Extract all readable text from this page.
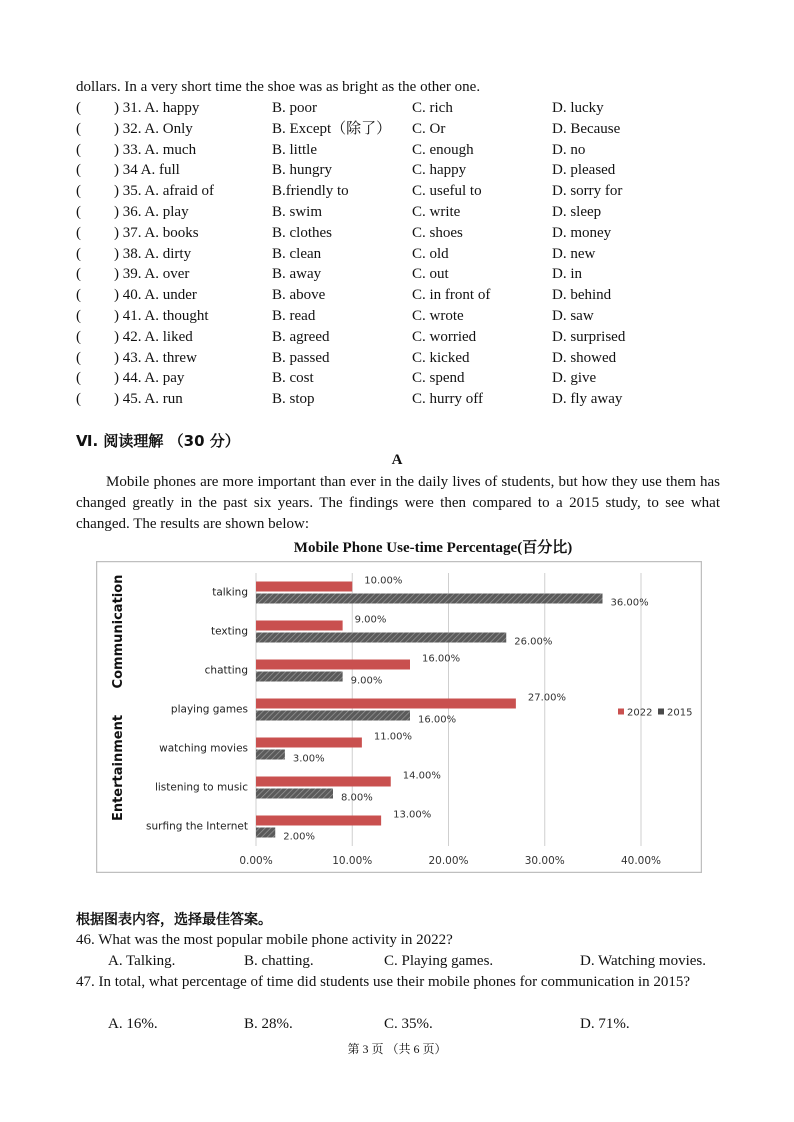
dollars. In a very short time the shoe was as bright as the other one.
( ) 31. A. happy	B. poor	C. rich	D. lucky
( ) 32. A. Only	B. Except（除了） C. Or	D. Because
( ) 33. A. much	B. little	C. enough	D. no
( ) 34 A. full	B. hungry	C. happy	D. pleased
( ) 35. A. afraid of	B.friendly to	C. useful to	D. sorry for
( ) 36. A. play	B. swim	C. write	D. sleep
( ) 37. A. books	B. clothes	C. shoes	D. money
( ) 38. A. dirty	B. clean	C. old	D. new
( ) 39. A. over	B. away	C. out	D. in
( ) 40. A. under	B. above	C. in front of	D. behind
( ) 41. A. thought	B. read	C. wrote	D. saw
( ) 42. A. liked	B. agreed	C. worried	D. surprised
( ) 43. A. threw	B. passed	C. kicked	D. showed
( ) 44. A. pay	B. cost	C. spend	D. give
( ) 45. A. run	B. stop	C. hurry off	D. fly away
Ⅵ. 阅读理解 （30 分）
A
Mobile phones are more important than ever in the daily lives of students, but how they use them has changed greatly in the past six years. The findings were then compared to a 2015 study, to see what changed. The results are shown below:
Mobile Phone Use-time Percentage(百分比)
0.00%	10.00%	20.00%	30.00%	40.00%
talking
10.00%
36.00%
texting
9.00%
26.00%
chatting
16.00%
9.00%
playing games
27.00%
16.00%
watching movies
11.00%
3.00%
listening to music
14.00%
8.00%
surfing the Internet
13.00%
2.00%
Communication
Entertainment
2022 2015
根据图表内容，选择最佳答案。
46. What was the most popular mobile phone activity in 2022?
A. Talking.	B. chatting.	C. Playing games.	D. Watching movies.
47. In total, what percentage of time did students use their mobile phones for communication in 2015?
A. 16%.	B. 28%.	C. 35%.	D. 71%.
第 3 页 （共 6 页）
